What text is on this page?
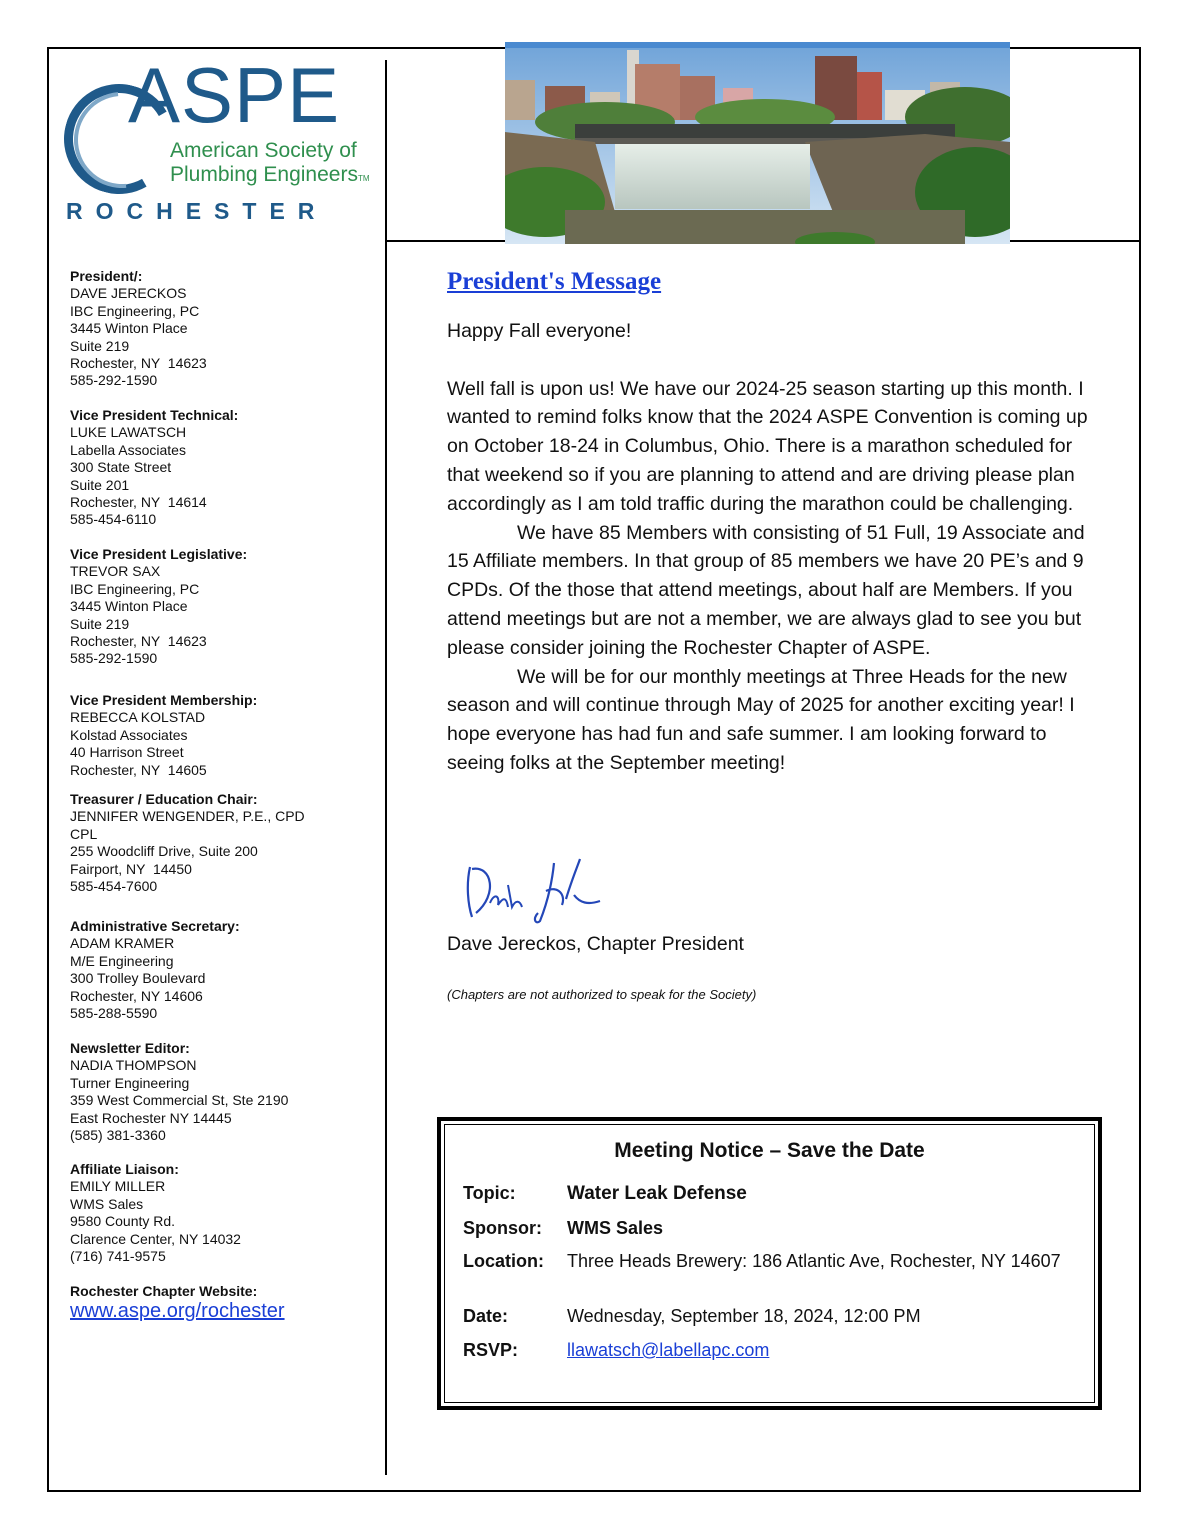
ASPE
American Society of
Plumbing EngineersTM
ROCHESTER
President/:
DAVE JERECKOS
IBC Engineering, PC
3445 Winton Place
Suite 219
Rochester, NY  14623
585-292-1590
Vice President Technical:
LUKE LAWATSCH
Labella Associates
300 State Street
Suite 201
Rochester, NY  14614
585-454-6110
Vice President Legislative:
TREVOR SAX
IBC Engineering, PC
3445 Winton Place
Suite 219
Rochester, NY  14623
585-292-1590
Vice President Membership:
REBECCA KOLSTAD
Kolstad Associates
40 Harrison Street
Rochester, NY  14605
Treasurer / Education Chair:
JENNIFER WENGENDER, P.E., CPD
CPL
255 Woodcliff Drive, Suite 200
Fairport, NY  14450
585-454-7600
Administrative Secretary:
ADAM KRAMER
M/E Engineering
300 Trolley Boulevard
Rochester, NY 14606
585-288-5590
Newsletter Editor:
NADIA THOMPSON
Turner Engineering
359 West Commercial St, Ste 2190
East Rochester NY 14445
(585) 381-3360
Affiliate Liaison:
EMILY MILLER
WMS Sales
9580 County Rd.
Clarence Center, NY 14032
(716) 741-9575
Rochester Chapter Website:
www.aspe.org/rochester
President's Message

Happy Fall everyone!

Well fall is upon us! We have our 2024-25 season starting up this month. I wanted to remind folks know that the 2024 ASPE Convention is coming up on October 18-24 in Columbus, Ohio. There is a marathon scheduled for that weekend so if you are planning to attend and are driving please plan accordingly as I am told traffic during the marathon could be challenging.

We have 85 Members with consisting of 51 Full, 19 Associate and 15 Affiliate members. In that group of 85 members we have 20 PE’s and 9 CPDs. Of the those that attend meetings, about half are Members. If you attend meetings but are not a member, we are always glad to see you but please consider joining the Rochester Chapter of ASPE.

We will be for our monthly meetings at Three Heads for the new season and will continue through May of 2025 for another exciting year! I hope everyone has had fun and safe summer. I am looking forward to seeing folks at the September meeting!

Dave Jereckos, Chapter President
(Chapters are not authorized to speak for the Society)
Meeting Notice – Save the Date
Topic:	Water Leak Defense
Sponsor: WMS Sales
Location: Three Heads Brewery: 186 Atlantic Ave, Rochester, NY 14607
Date:	Wednesday, September 18, 2024, 12:00 PM
RSVP:	llawatsch@labellapc.com
